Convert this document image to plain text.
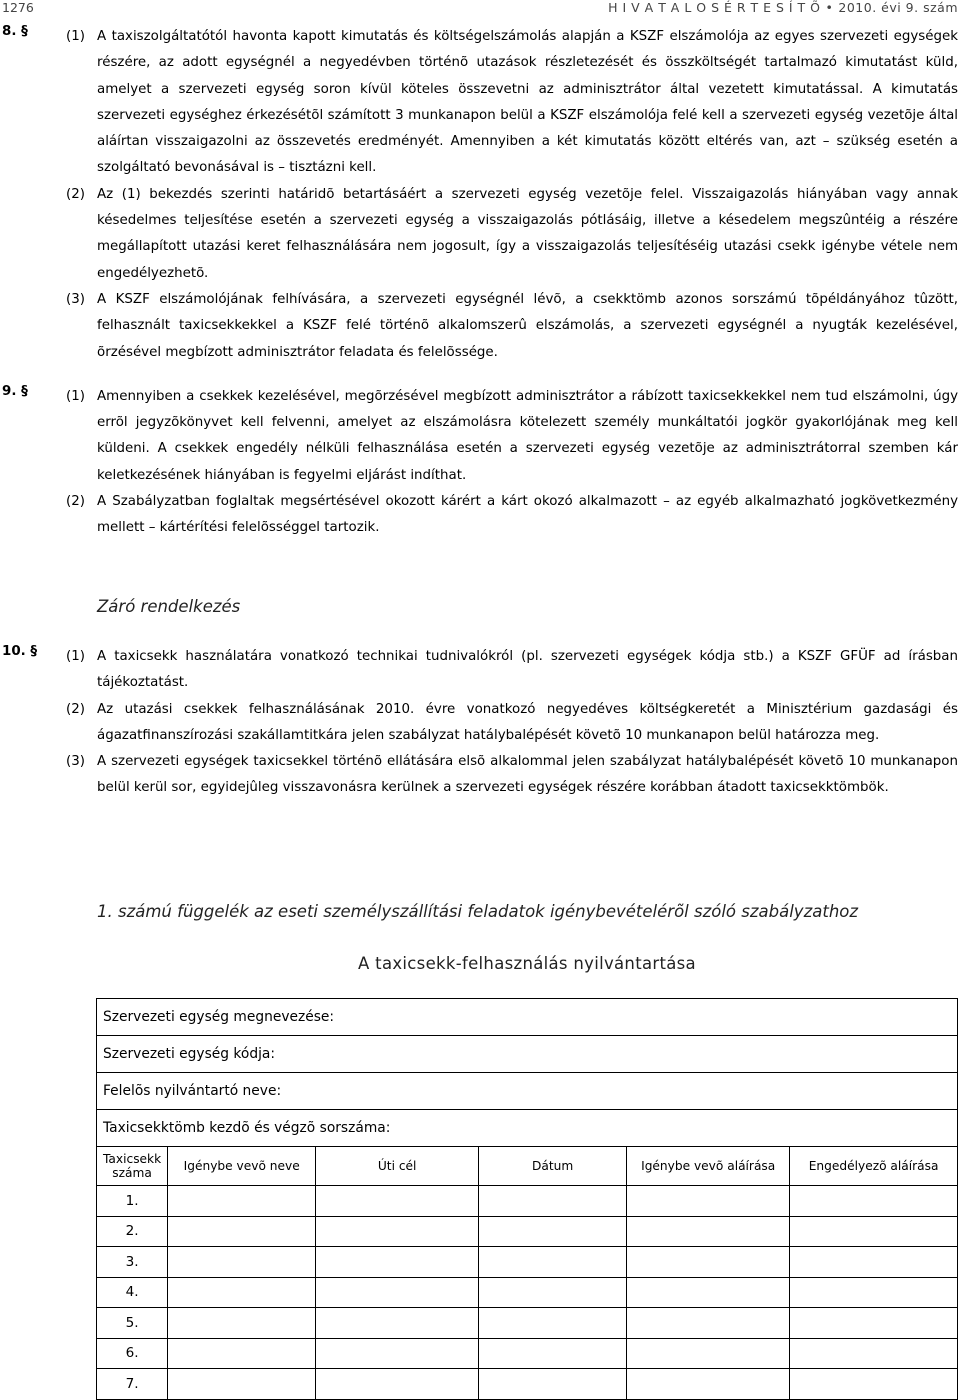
1276	H I V A T A L O S É R T E S Í T Õ • 2010. évi 9. szám
8. §	(1) A taxiszolgáltatótól havonta kapott kimutatás és költségelszámolás alapján a KSZF elszámolója az egyes szervezeti egységek részére, az adott egységnél a negyedévben történõ utazások részletezését és összköltségét tartalmazó kimutatást küld, amelyet a szervezeti egység soron kívül köteles összevetni az adminisztrátor által vezetett kimutatással. A kimutatás szervezeti egységhez érkezésétõl számított 3 munkanapon belül a KSZF elszámolója felé kell a szervezeti egység vezetõje által aláírtan visszaigazolni az összevetés eredményét. Amennyiben a két kimutatás között eltérés van, azt – szükség esetén a szolgáltató bevonásával is – tisztázni kell.
(2) Az (1) bekezdés szerinti határidõ betartásáért a szervezeti egység vezetõje felel. Visszaigazolás hiányában vagy annak késedelmes teljesítése esetén a szervezeti egység a visszaigazolás pótlásáig, illetve a késedelem megszûntéig a részére megállapított utazási keret felhasználására nem jogosult, így a visszaigazolás teljesítéséig utazási csekk igénybe vétele nem engedélyezhetõ.
(3) A KSZF elszámolójának felhívására, a szervezeti egységnél lévõ, a csekktömb azonos sorszámú tõpéldányához tûzött, felhasznált taxicsekkekkel a KSZF felé történõ alkalomszerû elszámolás, a szervezeti egységnél a nyugták kezelésével, õrzésével megbízott adminisztrátor feladata és felelõssége.
9. §	(1) Amennyiben a csekkek kezelésével, megõrzésével megbízott adminisztrátor a rábízott taxicsekkekkel nem tud elszámolni, úgy errõl jegyzõkönyvet kell felvenni, amelyet az elszámolásra kötelezett személy munkáltatói jogkör gyakorlójának meg kell küldeni. A csekkek engedély nélküli felhasználása esetén a szervezeti egység vezetõje az adminisztrátorral szemben kár keletkezésének hiányában is fegyelmi eljárást indíthat.
(2) A Szabályzatban foglaltak megsértésével okozott kárért a kárt okozó alkalmazott – az egyéb alkalmazható jogkövetkezmény mellett – kártérítési felelõsséggel tartozik.
Záró rendelkezés
10. § (1) A taxicsekk használatára vonatkozó technikai tudnivalókról (pl. szervezeti egységek kódja stb.) a KSZF GFÜF ad írásban tájékoztatást.
(2) Az utazási csekkek felhasználásának 2010. évre vonatkozó negyedéves költségkeretét a Minisztérium gazdasági és ágazatfinanszírozási szakállamtitkára jelen szabályzat hatálybalépését követõ 10 munkanapon belül határozza meg.
(3) A szervezeti egységek taxicsekkel történõ ellátására elsõ alkalommal jelen szabályzat hatálybalépését követõ 10 munkanapon belül kerül sor, egyidejûleg visszavonásra kerülnek a szervezeti egységek részére korábban átadott taxicsekktömbök.
1. számú függelék az eseti személyszállítási feladatok igénybevételérõl szóló szabályzathoz
A taxicsekk-felhasználás nyilvántartása
Szervezeti egység megnevezése:					
Szervezeti egység kódja:					
Felelõs nyilvántartó neve:					
Taxicsekktömb kezdõ és végzõ sorszáma:					
Taxicsekk száma	Igénybe vevõ neve	Úti cél	Dátum	Igénybe vevõ aláírása	Engedélyezõ aláírása
1.					
2.					
3.					
4.					
5.					
6.					
7.					
